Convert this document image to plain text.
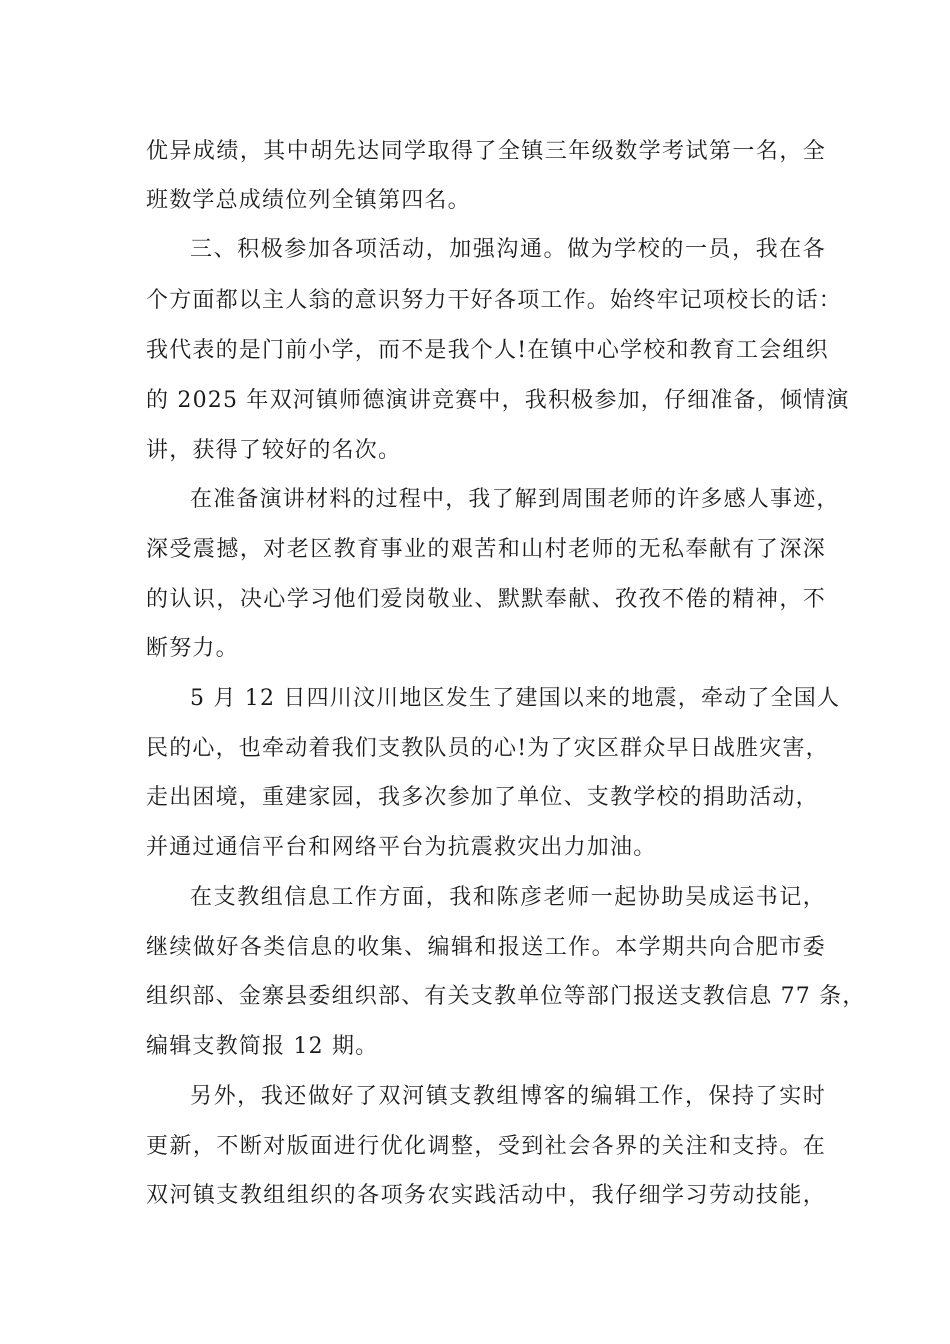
优异成绩，其中胡先达同学取得了全镇三年级数学考试第一名，全
班数学总成绩位列全镇第四名。
三、积极参加各项活动，加强沟通。做为学校的一员，我在各
个方面都以主人翁的意识努力干好各项工作。始终牢记项校长的话：
我代表的是门前小学，而不是我个人!在镇中心学校和教育工会组织
的 2025 年双河镇师德演讲竞赛中，我积极参加，仔细准备，倾情演
讲，获得了较好的名次。
在准备演讲材料的过程中，我了解到周围老师的许多感人事迹，
深受震撼，对老区教育事业的艰苦和山村老师的无私奉献有了深深
的认识，决心学习他们爱岗敬业、默默奉献、孜孜不倦的精神，不
断努力。
5 月 12 日四川汶川地区发生了建国以来的地震，牵动了全国人
民的心，也牵动着我们支教队员的心!为了灾区群众早日战胜灾害，
走出困境，重建家园，我多次参加了单位、支教学校的捐助活动，
并通过通信平台和网络平台为抗震救灾出力加油。
在支教组信息工作方面，我和陈彦老师一起协助吴成运书记，
继续做好各类信息的收集、编辑和报送工作。本学期共向合肥市委
组织部、金寨县委组织部、有关支教单位等部门报送支教信息 77 条，
编辑支教简报 12 期。
另外，我还做好了双河镇支教组博客的编辑工作，保持了实时
更新，不断对版面进行优化调整，受到社会各界的关注和支持。在
双河镇支教组组织的各项务农实践活动中，我仔细学习劳动技能，
